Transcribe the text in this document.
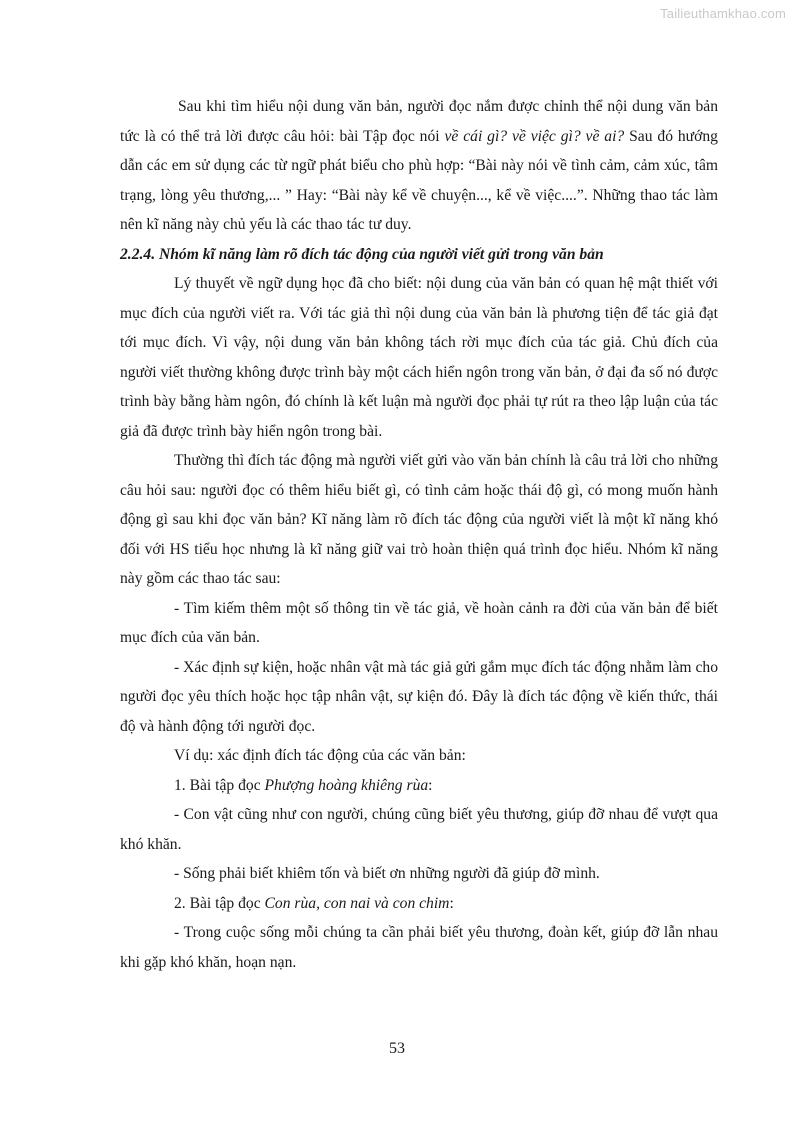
Tailieuthamkhao.com

Sau khi tìm hiểu nội dung văn bản, người đọc nắm được chỉnh thể nội dung văn bản tức là có thể trả lời được câu hỏi: bài Tập đọc nói về cái gì? về việc gì? về ai? Sau đó hướng dẫn các em sử dụng các từ ngữ phát biểu cho phù hợp: “Bài này nói về tình cảm, cảm xúc, tâm trạng, lòng yêu thương,... ” Hay: “Bài này kể về chuyện..., kể về việc....”. Những thao tác làm nên kĩ năng này chủ yếu là các thao tác tư duy.

2.2.4. Nhóm kĩ năng làm rõ đích tác động của người viết gửi trong văn bản

Lý thuyết về ngữ dụng học đã cho biết: nội dung của văn bản có quan hệ mật thiết với mục đích của người viết ra. Với tác giả thì nội dung của văn bản là phương tiện để tác giả đạt tới mục đích. Vì vậy, nội dung văn bản không tách rời mục đích của tác giả. Chủ đích của người viết thường không được trình bày một cách hiển ngôn trong văn bản, ở đại đa số nó được trình bày bằng hàm ngôn, đó chính là kết luận mà người đọc phải tự rút ra theo lập luận của tác giả đã được trình bày hiển ngôn trong bài.

Thường thì đích tác động mà người viết gửi vào văn bản chính là câu trả lời cho những câu hỏi sau: người đọc có thêm hiểu biết gì, có tình cảm hoặc thái độ gì, có mong muốn hành động gì sau khi đọc văn bản? Kĩ năng làm rõ đích tác động của người viết là một kĩ năng khó đối với HS tiểu học nhưng là kĩ năng giữ vai trò hoàn thiện quá trình đọc hiểu. Nhóm kĩ năng này gồm các thao tác sau:

- Tìm kiếm thêm một số thông tin về tác giả, về hoàn cảnh ra đời của văn bản để biết mục đích của văn bản.

- Xác định sự kiện, hoặc nhân vật mà tác giả gửi gắm mục đích tác động nhằm làm cho người đọc yêu thích hoặc học tập nhân vật, sự kiện đó. Đây là đích tác động về kiến thức, thái độ và hành động tới người đọc.

Ví dụ: xác định đích tác động của các văn bản:

1. Bài tập đọc Phượng hoàng khiêng rùa:

- Con vật cũng như con người, chúng cũng biết yêu thương, giúp đỡ nhau để vượt qua khó khăn.

- Sống phải biết khiêm tốn và biết ơn những người đã giúp đỡ mình.

2. Bài tập đọc Con rùa, con nai và con chim:

- Trong cuộc sống mỗi chúng ta cần phải biết yêu thương, đoàn kết, giúp đỡ lẫn nhau khi gặp khó khăn, hoạn nạn.

53
